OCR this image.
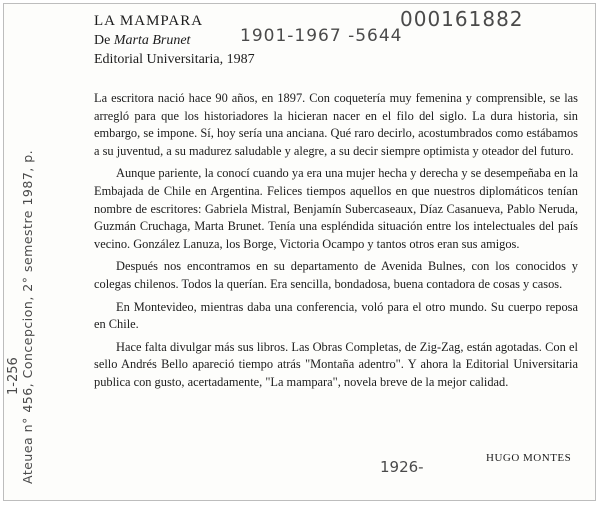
000161882
1901-1967 -5644
Ateuea n° 456, Concepcion, 2° semestre 1987, p.
1-256
1926-
LA MAMPARA
De Marta Brunet
Editorial Universitaria, 1987

La escritora nació hace 90 años, en 1897. Con coquetería muy femenina y comprensible, se las arregló para que los historiadores la hicieran nacer en el filo del siglo. La dura historia, sin embargo, se impone. Sí, hoy sería una anciana. Qué raro decirlo, acostumbrados como estábamos a su juventud, a su madurez saludable y alegre, a su decir siempre optimista y oteador del futuro.

Aunque pariente, la conocí cuando ya era una mujer hecha y derecha y se desempeñaba en la Embajada de Chile en Argentina. Felices tiempos aquellos en que nuestros diplomáticos tenían nombre de escritores: Gabriela Mistral, Benjamín Subercaseaux, Díaz Casanueva, Pablo Neruda, Guzmán Cruchaga, Marta Brunet. Tenía una espléndida situación entre los intelectuales del país vecino. González Lanuza, los Borge, Victoria Ocampo y tantos otros eran sus amigos.

Después nos encontramos en su departamento de Avenida Bulnes, con los conocidos y colegas chilenos. Todos la querían. Era sencilla, bondadosa, buena contadora de cosas y casos.

En Montevideo, mientras daba una conferencia, voló para el otro mundo. Su cuerpo reposa en Chile.

Hace falta divulgar más sus libros. Las Obras Completas, de Zig-Zag, están agotadas. Con el sello Andrés Bello apareció tiempo atrás "Montaña adentro". Y ahora la Editorial Universitaria publica con gusto, acertadamente, "La mampara", novela breve de la mejor calidad.

HUGO MONTES
